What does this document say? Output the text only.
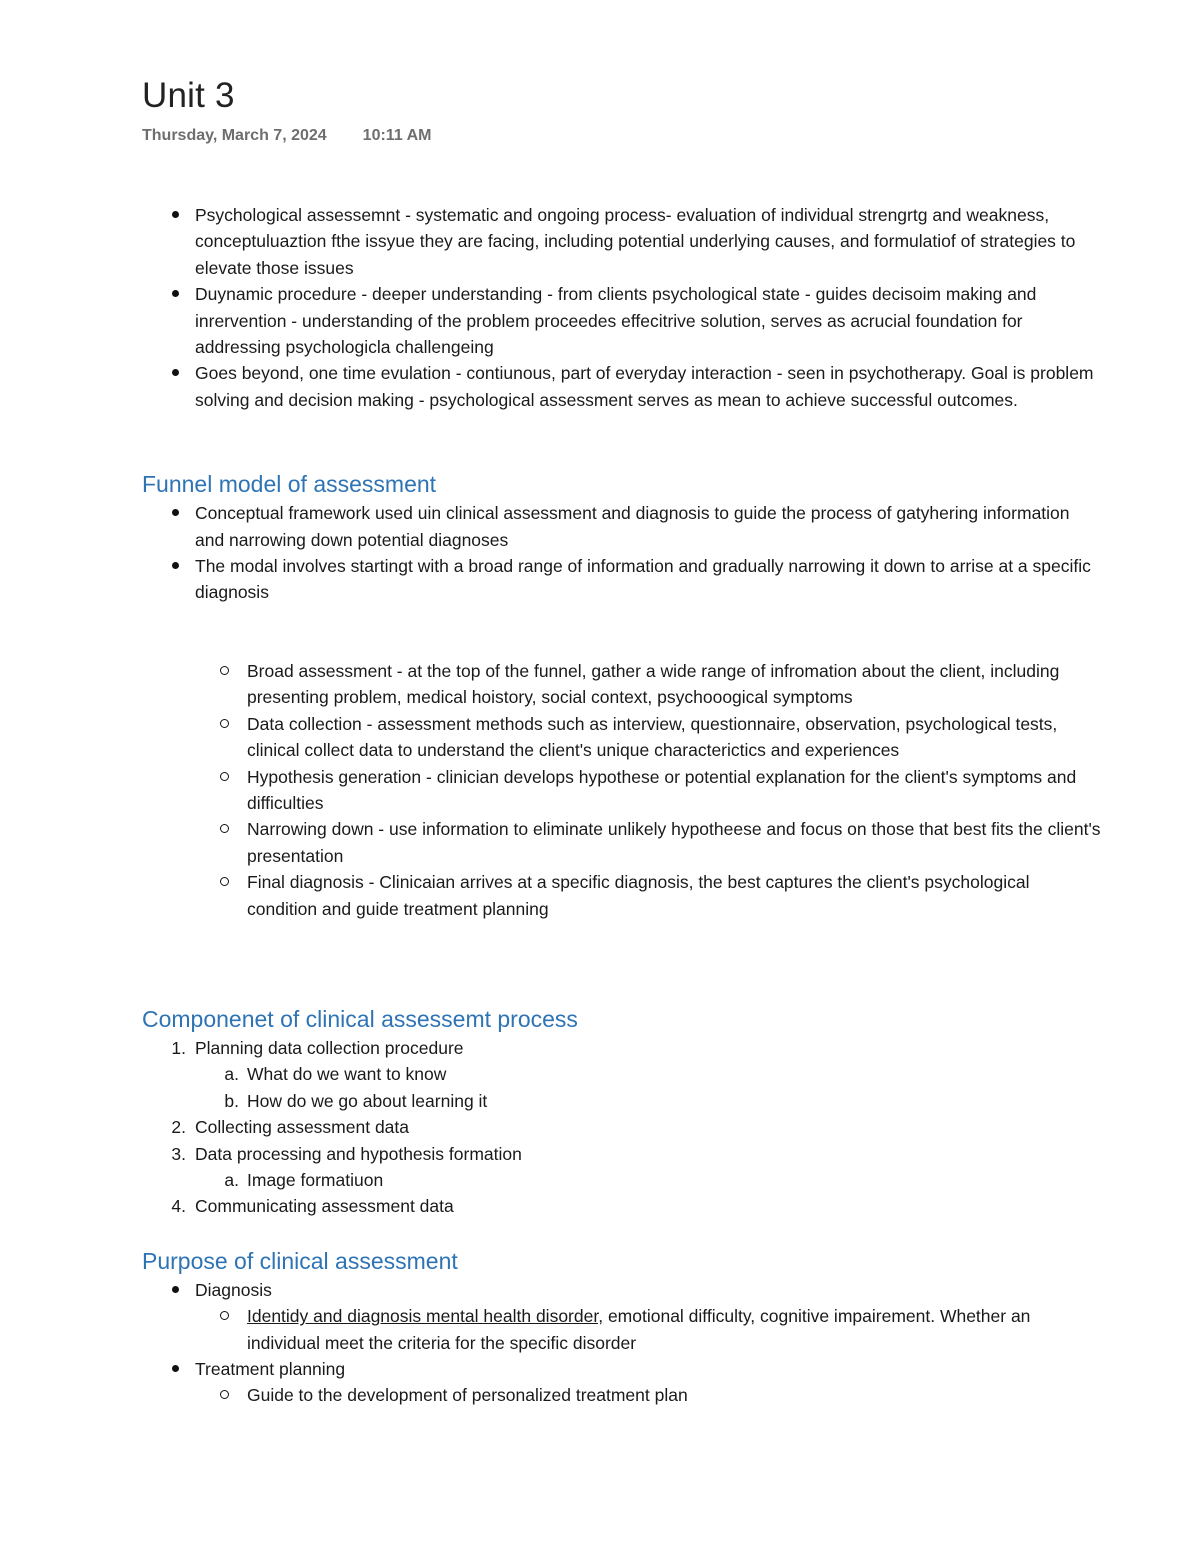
Unit 3
Thursday, March 7, 2024 10:11 AM
Psychological assessemnt - systematic and ongoing process- evaluation of individual strengrtg and weakness, conceptuluaztion fthe issyue they are facing, including potential underlying causes, and formulatiof of strategies to elevate those issues
Duynamic procedure - deeper understanding - from clients psychological state - guides decisoim making and inrervention - understanding of the problem proceedes effecitrive solution, serves as acrucial foundation for addressing psychologicla challengeing
Goes beyond, one time evulation - contiunous, part of everyday interaction - seen in psychotherapy. Goal is problem solving and decision making - psychological assessment serves as mean to achieve successful outcomes.
Funnel model of assessment
Conceptual framework used uin clinical assessment and diagnosis to guide the process of gatyhering information and narrowing down potential diagnoses
The modal involves startingt with a broad range of information and gradually narrowing it down to arrise at a specific diagnosis
Broad assessment - at the top of the funnel, gather a wide range of infromation about the client, including presenting problem, medical hoistory, social context, psychooogical symptoms
Data collection - assessment methods such as interview, questionnaire, observation, psychological tests, clinical collect data to understand the client's unique characterictics and experiences
Hypothesis generation - clinician develops hypothese or potential explanation for the client's symptoms and difficulties
Narrowing down - use information to eliminate unlikely hypotheese and focus on those that best fits the client's presentation
Final diagnosis - Clinicaian arrives at a specific diagnosis, the best captures the client's psychological condition and guide treatment planning
Componenet of clinical assessemt process
1. Planning data collection procedure
a. What do we want to know
b. How do we go about learning it
2. Collecting assessment data
3. Data processing and hypothesis formation
a. Image formatiuon
4. Communicating assessment data
Purpose of clinical assessment
Diagnosis
Identidy and diagnosis mental health disorder, emotional difficulty, cognitive impairement. Whether an individual meet the criteria for the specific disorder
Treatment planning
Guide to the development of personalized treatment plan
